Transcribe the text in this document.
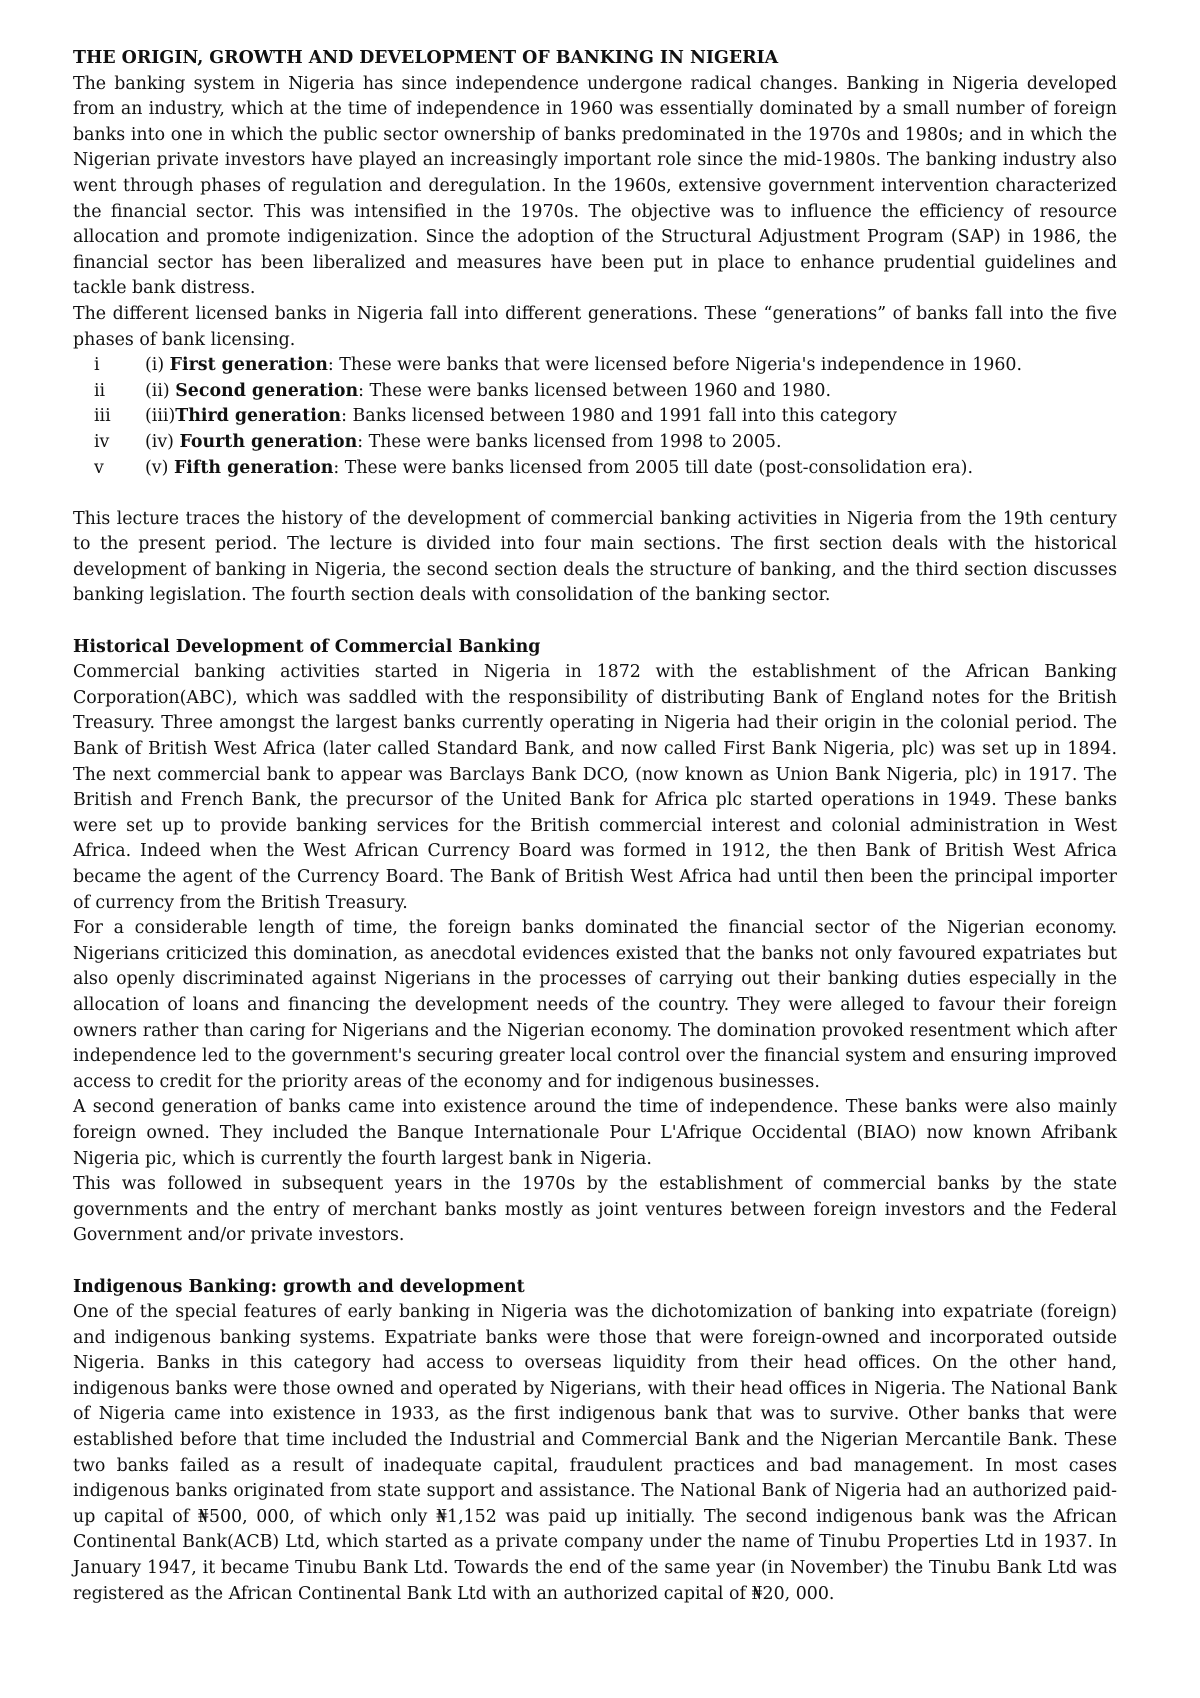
THE ORIGIN, GROWTH AND DEVELOPMENT OF BANKING IN NIGERIA

The banking system in Nigeria has since independence undergone radical changes. Banking in Nigeria developed from an industry, which at the time of independence in 1960 was essentially dominated by a small number of foreign banks into one in which the public sector ownership of banks predominated in the 1970s and 1980s; and in which the Nigerian private investors have played an increasingly important role since the mid-1980s. The banking industry also went through phases of regulation and deregulation. In the 1960s, extensive government intervention characterized the financial sector. This was intensified in the 1970s. The objective was to influence the efficiency of resource allocation and promote indigenization. Since the adoption of the Structural Adjustment Program (SAP) in 1986, the financial sector has been liberalized and measures have been put in place to enhance prudential guidelines and tackle bank distress.

The different licensed banks in Nigeria fall into different generations. These “generations” of banks fall into the five phases of bank licensing.

i	(i) First generation: These were banks that were licensed before Nigeria's independence in 1960.
ii	(ii) Second generation: These were banks licensed between 1960 and 1980.
iii	(iii)Third generation: Banks licensed between 1980 and 1991 fall into this category
iv	(iv) Fourth generation: These were banks licensed from 1998 to 2005.
v	(v) Fifth generation: These were banks licensed from 2005 till date (post-consolidation era).

This lecture traces the history of the development of commercial banking activities in Nigeria from the 19th century to the present period. The lecture is divided into four main sections. The first section deals with the historical development of banking in Nigeria, the second section deals the structure of banking, and the third section discusses banking legislation. The fourth section deals with consolidation of the banking sector.

Historical Development of Commercial Banking

Commercial banking activities started in Nigeria in 1872 with the establishment of the African Banking Corporation(ABC), which was saddled with the responsibility of distributing Bank of England notes for the British Treasury. Three amongst the largest banks currently operating in Nigeria had their origin in the colonial period. The Bank of British West Africa (later called Standard Bank, and now called First Bank Nigeria, plc) was set up in 1894. The next commercial bank to appear was Barclays Bank DCO, (now known as Union Bank Nigeria, plc) in 1917. The British and French Bank, the precursor of the United Bank for Africa plc started operations in 1949. These banks were set up to provide banking services for the British commercial interest and colonial administration in West Africa. Indeed when the West African Currency Board was formed in 1912, the then Bank of British West Africa became the agent of the Currency Board. The Bank of British West Africa had until then been the principal importer of currency from the British Treasury.

For a considerable length of time, the foreign banks dominated the financial sector of the Nigerian economy. Nigerians criticized this domination, as anecdotal evidences existed that the banks not only favoured expatriates but also openly discriminated against Nigerians in the processes of carrying out their banking duties especially in the allocation of loans and financing the development needs of the country. They were alleged to favour their foreign owners rather than caring for Nigerians and the Nigerian economy. The domination provoked resentment which after independence led to the government's securing greater local control over the financial system and ensuring improved access to credit for the priority areas of the economy and for indigenous businesses.

A second generation of banks came into existence around the time of independence. These banks were also mainly foreign owned. They included the Banque Internationale Pour L'Afrique Occidental (BIAO) now known Afribank Nigeria pic, which is currently the fourth largest bank in Nigeria.

This was followed in subsequent years in the 1970s by the establishment of commercial banks by the state governments and the entry of merchant banks mostly as joint ventures between foreign investors and the Federal Government and/or private investors.

Indigenous Banking: growth and development

One of the special features of early banking in Nigeria was the dichotomization of banking into expatriate (foreign) and indigenous banking systems. Expatriate banks were those that were foreign-owned and incorporated outside Nigeria. Banks in this category had access to overseas liquidity from their head offices. On the other hand, indigenous banks were those owned and operated by Nigerians, with their head offices in Nigeria. The National Bank of Nigeria came into existence in 1933, as the first indigenous bank that was to survive. Other banks that were established before that time included the Industrial and Commercial Bank and the Nigerian Mercantile Bank. These two banks failed as a result of inadequate capital, fraudulent practices and bad management. In most cases indigenous banks originated from state support and assistance. The National Bank of Nigeria had an authorized paid-up capital of ₦500, 000, of which only ₦1,152 was paid up initially. The second indigenous bank was the African Continental Bank(ACB) Ltd, which started as a private company under the name of Tinubu Properties Ltd in 1937. In January 1947, it became Tinubu Bank Ltd. Towards the end of the same year (in November) the Tinubu Bank Ltd was registered as the African Continental Bank Ltd with an authorized capital of ₦20, 000.
